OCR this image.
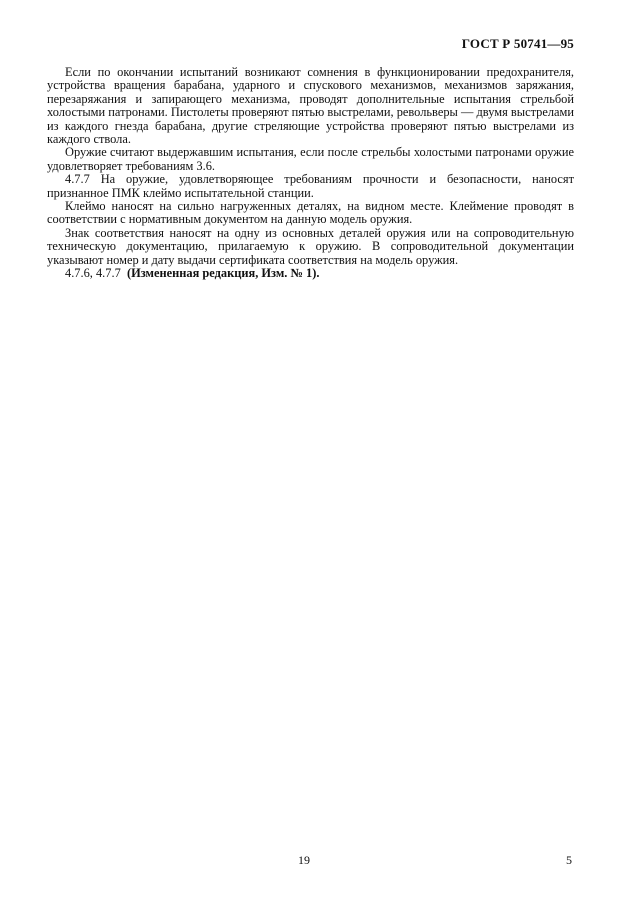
ГОСТ Р 50741—95

Если по окончании испытаний возникают сомнения в функционировании предохранителя, устройства вращения барабана, ударного и спускового механизмов, механизмов заряжания, перезаряжания и запирающего механизма, проводят дополнительные испытания стрельбой холостыми патронами. Пистолеты проверяют пятью выстрелами, револьверы — двумя выстрелами из каждого гнезда барабана, другие стреляющие устройства проверяют пятью выстрелами из каждого ствола.

Оружие считают выдержавшим испытания, если после стрельбы холостыми патронами оружие удовлетворяет требованиям 3.6.

4.7.7 На оружие, удовлетворяющее требованиям прочности и безопасности, наносят признанное ПМК клеймо испытательной станции.

Клеймо наносят на сильно нагруженных деталях, на видном месте. Клеймение проводят в соответствии с нормативным документом на данную модель оружия.

Знак соответствия наносят на одну из основных деталей оружия или на сопроводительную техническую документацию, прилагаемую к оружию. В сопроводительной документации указывают номер и дату выдачи сертификата соответствия на модель оружия.

4.7.6, 4.7.7 (Измененная редакция, Изм. № 1).

19	5
